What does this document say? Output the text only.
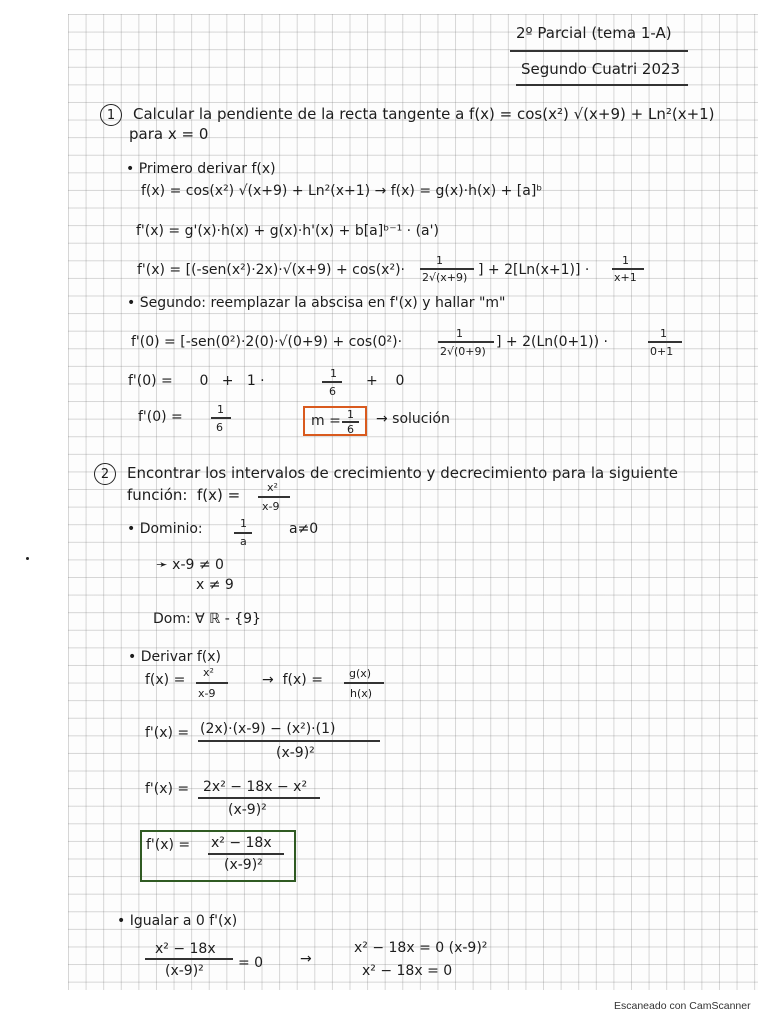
2º Parcial (tema 1-A)
Segundo Cuatri 2023
1	Calcular la pendiente de la recta tangente a f(x) = cos(x²) √(x+9) + Ln²(x+1)
para x = 0
• Primero derivar f(x)
f(x) = cos(x²) √(x+9) + Ln²(x+1) → f(x) = g(x)·h(x) + [a]ᵇ
f'(x) = g'(x)·h(x) + g(x)·h'(x) + b[a]ᵇ⁻¹ · (a')
f'(x) = [(-sen(x²)·2x)·√(x+9) + cos(x²)·
1
2√(x+9) ] + 2[Ln(x+1)] ·
1
x+1
• Segundo: reemplazar la abscisa en f'(x) y hallar "m"
f'(0) = [-sen(0²)·2(0)·√(0+9) + cos(0²)·
1
2√(0+9)
] + 2(Ln(0+1)) ·
1
0+1
f'(0) =      0   +   1 ·	1
6
+    0
f'(0) =	1
6	m = 1
6
→ solución
2	Encontrar los intervalos de crecimiento y decrecimiento para la siguiente
función:  f(x) = x²
x-9
• Dominio:	1
a
a≠0
➛ x-9 ≠ 0
x ≠ 9
Dom: ∀ ℝ - {9}
• Derivar f(x)
f(x) = x²
x-9
→  f(x) = g(x)
h(x)
f'(x) = (2x)·(x-9) − (x²)·(1)
(x-9)²
f'(x) = 2x² − 18x − x²
(x-9)²
f'(x) = x² − 18x
(x-9)²
• Igualar a 0 f'(x)
x² − 18x
(x-9)² = 0	→
x² − 18x = 0 (x-9)²
x² − 18x = 0
Escaneado con CamScanner
